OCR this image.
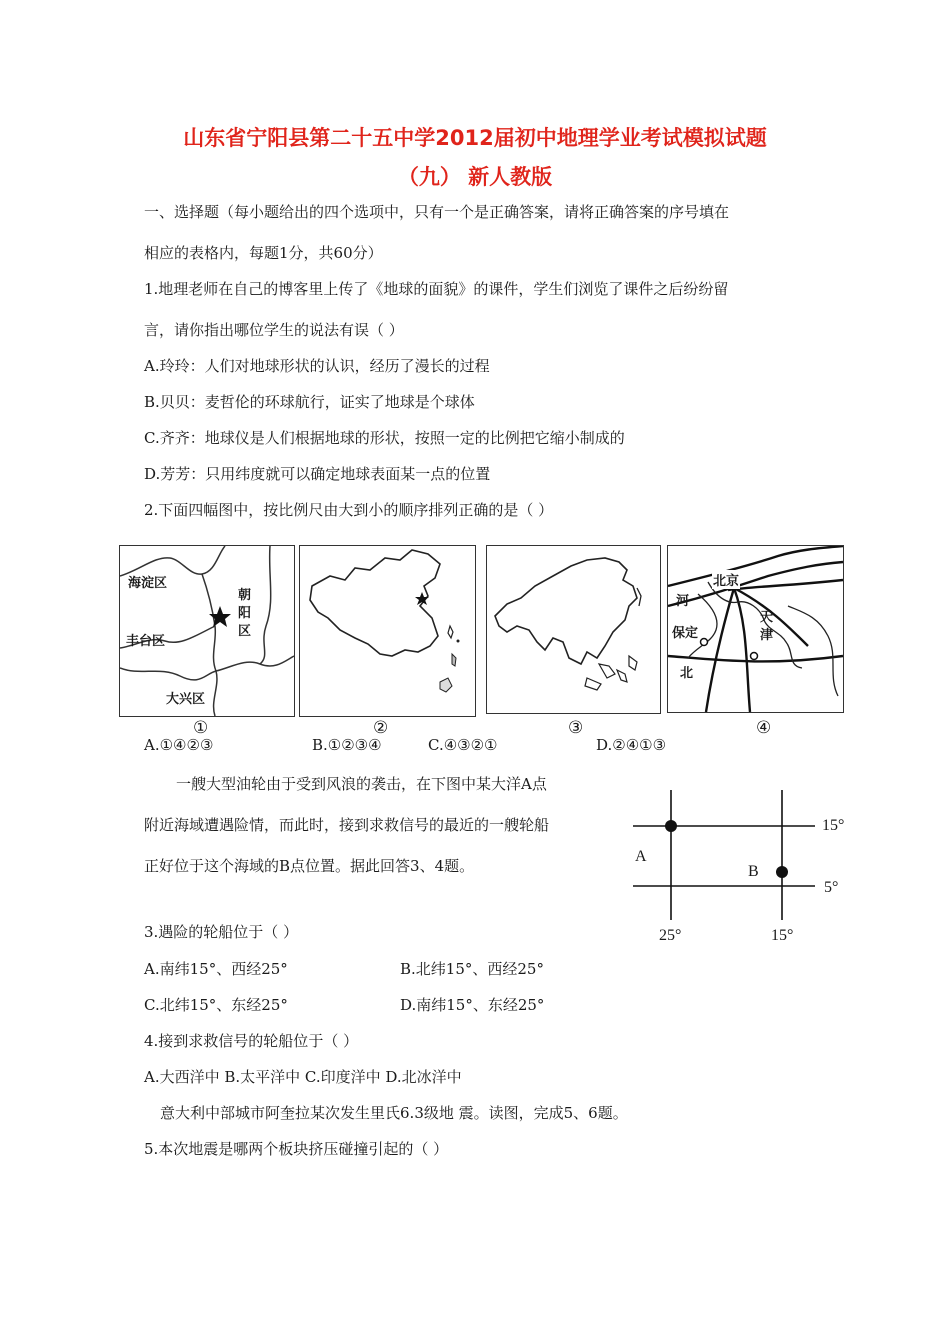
山东省宁阳县第二十五中学2012届初中地理学业考试模拟试题
（九） 新人教版
一、选择题（每小题给出的四个选项中，只有一个是正确答案，请将正确答案的序号填在
相应的表格内，每题1分，共60分）
1.地理老师在自己的博客里上传了《地球的面貌》的课件，学生们浏览了课件之后纷纷留
言，请你指出哪位学生的说法有误（ ）
A.玲玲：人们对地球形状的认识，经历了漫长的过程
B.贝贝：麦哲伦的环球航行，证实了地球是个球体
C.齐齐：地球仪是人们根据地球的形状，按照一定的比例把它缩小制成的
D.芳芳：只用纬度就可以确定地球表面某一点的位置
2.下面四幅图中，按比例尺由大到小的顺序排列正确的是（ ）
海淀区
朝
阳
区
丰台区
大兴区
①	②	③
北京
河
天
津
保定
北
④
A.①④②③	B.①②③④	C.④③②①	D.②④①③
一艘大型油轮由于受到风浪的袭击，在下图中某大洋A点
附近海域遭遇险情，而此时，接到求救信号的最近的一艘轮船
正好位于这个海域的B点位置。据此回答3、4题。
15°
5°
25°	15°
A
B
3.遇险的轮船位于（ ）
A.南纬15°、西经25°	B.北纬15°、西经25°
C.北纬15°、东经25°	D.南纬15°、东经25°
4.接到求救信号的轮船位于（ ）
A.大西洋中 B.太平洋中 C.印度洋中 D.北冰洋中
意大利中部城市阿奎拉某次发生里氏6.3级地 震。读图，完成5、6题。
5.本次地震是哪两个板块挤压碰撞引起的（ ）
